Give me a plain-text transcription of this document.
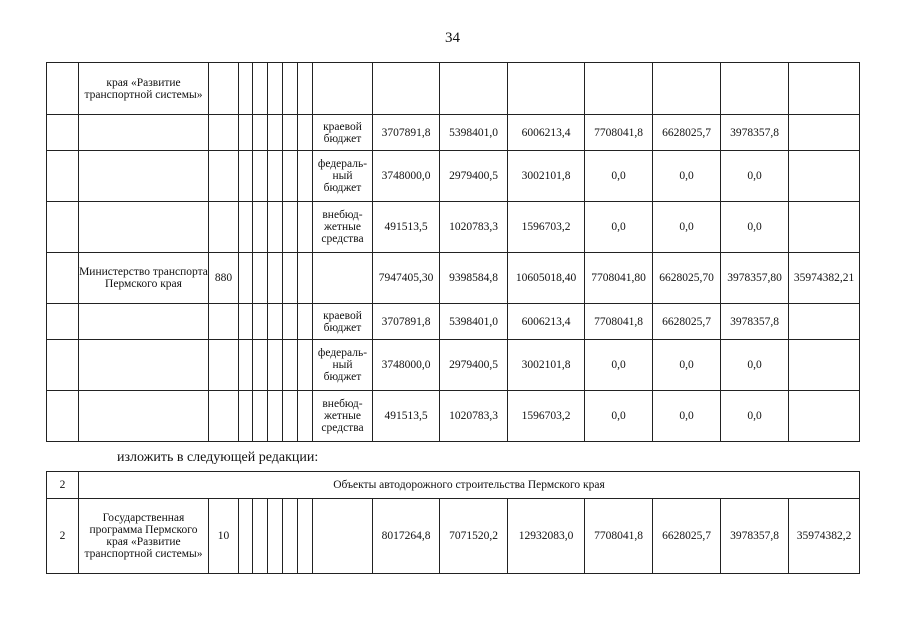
34
	края «Развитие транспортной системы»														
								краевой бюджет	3707891,8	5398401,0	6006213,4	7708041,8	6628025,7	3978357,8	
								федераль-ный бюджет	3748000,0	2979400,5	3002101,8	0,0	0,0	0,0	
								внебюд-жетные средства	491513,5	1020783,3	1596703,2	0,0	0,0	0,0	
	Министерство транспорта Пермского края	880							7947405,30	9398584,8	10605018,40	7708041,80	6628025,70	3978357,80	35974382,21
								краевой бюджет	3707891,8	5398401,0	6006213,4	7708041,8	6628025,7	3978357,8	
								федераль-ный бюджет	3748000,0	2979400,5	3002101,8	0,0	0,0	0,0	
								внебюд-жетные средства	491513,5	1020783,3	1596703,2	0,0	0,0	0,0	
изложить в следующей редакции:
2	Объекты автодорожного строительства Пермского края														
2	Государственная программа Пермского края «Развитие транспортной системы»	10							8017264,8	7071520,2	12932083,0	7708041,8	6628025,7	3978357,8	35974382,2
